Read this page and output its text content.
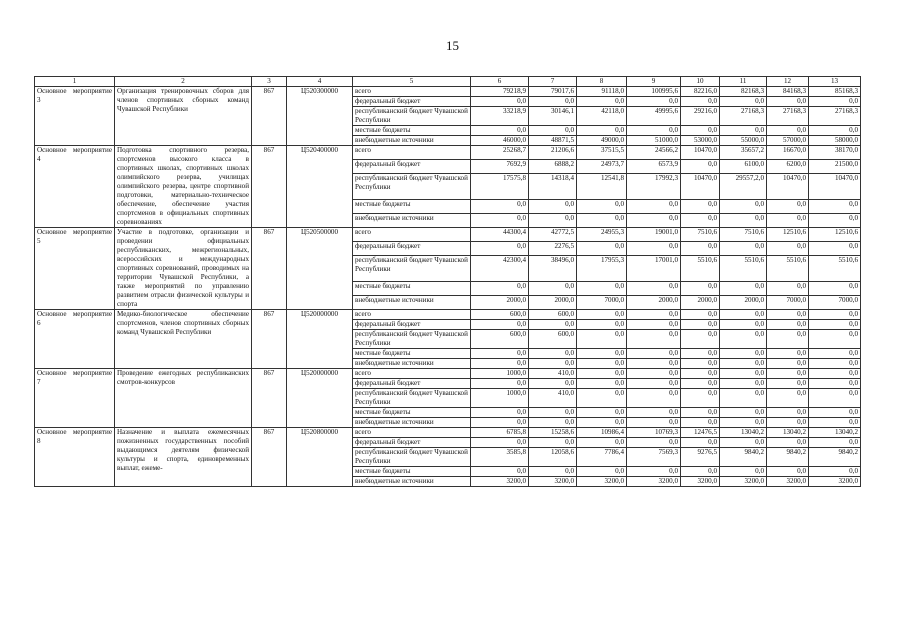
15
1	2	3	4	5	6	7	8	9	10	11	12	13
Основное мероприятие 3	Организация тренировочных сборов для членов спортивных сборных команд Чувашской Республики	867	Ц520300000	всего	79218,9	79017,6	91118,0	100995,6	82216,0	82168,3	84168,3	85168,3
				федеральный бюджет	0,0	0,0	0,0	0,0	0,0	0,0	0,0	0,0
				республиканский бюджет Чувашской Республики	33218,9	30146,1	42118,0	49995,6	29216,0	27168,3	27168,3	27168,3
				местные бюджеты	0,0	0,0	0,0	0,0	0,0	0,0	0,0	0,0
				внебюджетные источники	46000,0	48871,5	49000,0	51000,0	53000,0	55000,0	57000,0	58000,0
Основное мероприятие 4	Подготовка спортивного резерва, спортсменов высокого класса в спортивных школах, спортивных школах олимпийского резерва, училищах олимпийского резерва, центре спортивной подготовки, материально-техническое обеспечение, обеспечение участия спортсменов в официальных спортивных соревнованиях	867	Ц520400000	всего	25268,7	21206,6	37515,5	24566,2	10470,0	35657,2	16670,0	38170,0
				федеральный бюджет	7692,9	6888,2	24973,7	6573,9	0,0	6100,0	6200,0	21500,0
				республиканский бюджет Чувашской Республики	17575,8	14318,4	12541,8	17992,3	10470,0	29557,2,0	10470,0	10470,0
				местные бюджеты	0,0	0,0	0,0	0,0	0,0	0,0	0,0	0,0
				внебюджетные источники	0,0	0,0	0,0	0,0	0,0	0,0	0,0	0,0
Основное мероприятие 5	Участие в подготовке, организации и проведении официальных республиканских, межрегиональных, всероссийских и международных спортивных соревнований, проводимых на территории Чувашской Республики, а также мероприятий по управлению развитием отрасли физической культуры и спорта	867	Ц520500000	всего	44300,4	42772,5	24955,3	19001,0	7510,6	7510,6	12510,6	12510,6
				федеральный бюджет	0,0	2276,5	0,0	0,0	0,0	0,0	0,0	0,0
				республиканский бюджет Чувашской Республики	42300,4	38496,0	17955,3	17001,0	5510,6	5510,6	5510,6	5510,6
				местные бюджеты	0,0	0,0	0,0	0,0	0,0	0,0	0,0	0,0
				внебюджетные источники	2000,0	2000,0	7000,0	2000,0	2000,0	2000,0	7000,0	7000,0
Основное мероприятие 6	Медико-биологическое обеспечение спортсменов, членов спортивных сборных команд Чувашской Республики	867	Ц520000000	всего	600,0	600,0	0,0	0,0	0,0	0,0	0,0	0,0
				федеральный бюджет	0,0	0,0	0,0	0,0	0,0	0,0	0,0	0,0
				республиканский бюджет Чувашской Республики	600,0	600,0	0,0	0,0	0,0	0,0	0,0	0,0
				местные бюджеты	0,0	0,0	0,0	0,0	0,0	0,0	0,0	0,0
				внебюджетные источники	0,0	0,0	0,0	0,0	0,0	0,0	0,0	0,0
Основное мероприятие 7	Проведение ежегодных республиканских смотров-конкурсов	867	Ц520000000	всего	1000,0	410,0	0,0	0,0	0,0	0,0	0,0	0,0
				федеральный бюджет	0,0	0,0	0,0	0,0	0,0	0,0	0,0	0,0
				республиканский бюджет Чувашской Республики	1000,0	410,0	0,0	0,0	0,0	0,0	0,0	0,0
				местные бюджеты	0,0	0,0	0,0	0,0	0,0	0,0	0,0	0,0
				внебюджетные источники	0,0	0,0	0,0	0,0	0,0	0,0	0,0	0,0
Основное мероприятие 8	Назначение и выплата ежемесячных пожизненных государственных пособий выдающимся деятелям физической культуры и спорта, единовременных выплат, ежеме-	867	Ц520800000	всего	6785,8	15258,6	10986,4	10769,3	12476,5	13040,2	13040,2	13040,2
				федеральный бюджет	0,0	0,0	0,0	0,0	0,0	0,0	0,0	0,0
				республиканский бюджет Чувашской Республики	3585,8	12058,6	7786,4	7569,3	9276,5	9840,2	9840,2	9840,2
				местные бюджеты	0,0	0,0	0,0	0,0	0,0	0,0	0,0	0,0
				внебюджетные источники	3200,0	3200,0	3200,0	3200,0	3200,0	3200,0	3200,0	3200,0
